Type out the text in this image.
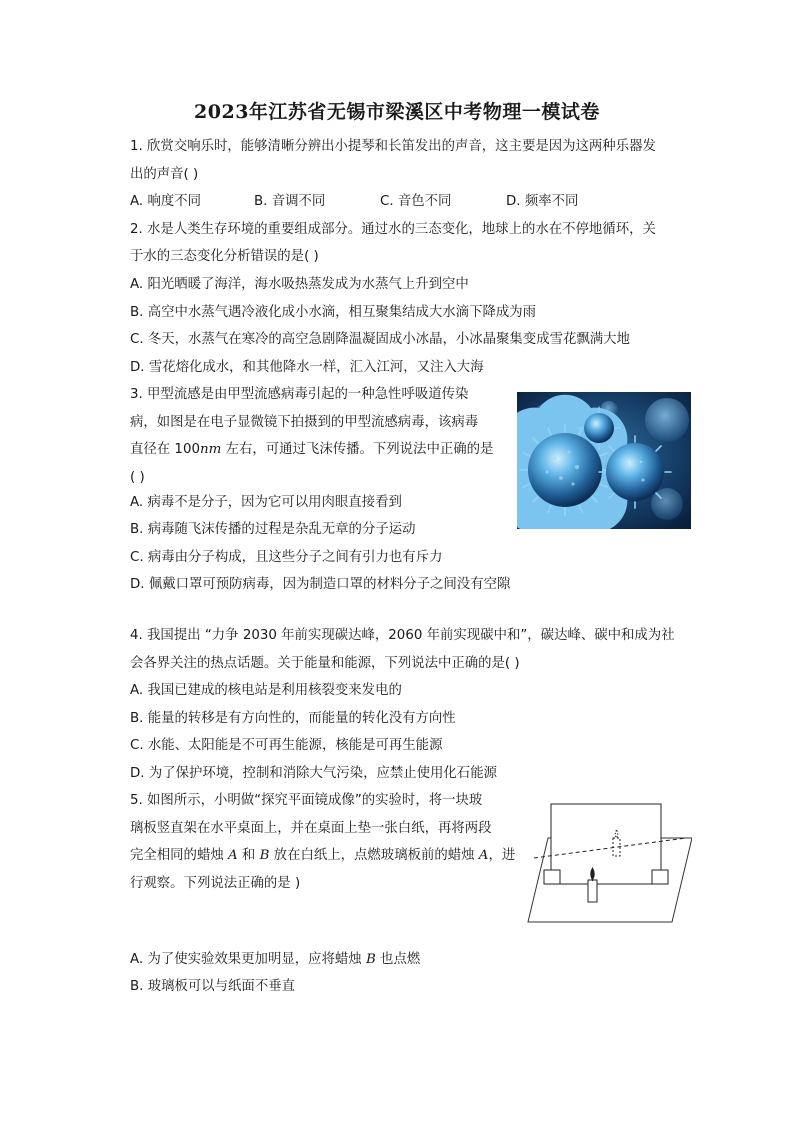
2023年江苏省无锡市梁溪区中考物理一模试卷
1. 欣赏交响乐时，能够清晰分辨出小提琴和长笛发出的声音，这主要是因为这两种乐器发
出的声音( )
A. 响度不同	B. 音调不同	C. 音色不同	D. 频率不同
2. 水是人类生存环境的重要组成部分。通过水的三态变化，地球上的水在不停地循环，关
于水的三态变化分析错误的是( )
A. 阳光晒暖了海洋，海水吸热蒸发成为水蒸气上升到空中
B. 高空中水蒸气遇冷液化成小水滴，相互聚集结成大水滴下降成为雨
C. 冬天，水蒸气在寒冷的高空急剧降温凝固成小冰晶，小冰晶聚集变成雪花飘满大地
D. 雪花熔化成水，和其他降水一样，汇入江河，又注入大海
3. 甲型流感是由甲型流感病毒引起的一种急性呼吸道传染
病，如图是在电子显微镜下拍摄到的甲型流感病毒，该病毒
直径在 100nm 左右，可通过飞沫传播。下列说法中正确的是
( )
A. 病毒不是分子，因为它可以用肉眼直接看到
B. 病毒随飞沫传播的过程是杂乱无章的分子运动
C. 病毒由分子构成，且这些分子之间有引力也有斥力
D. 佩戴口罩可预防病毒，因为制造口罩的材料分子之间没有空隙
4. 我国提出 “力争 2030 年前实现碳达峰，2060 年前实现碳中和”，碳达峰、碳中和成为社
会各界关注的热点话题。关于能量和能源，下列说法中正确的是( )
A. 我国已建成的核电站是利用核裂变来发电的
B. 能量的转移是有方向性的，而能量的转化没有方向性
C. 水能、太阳能是不可再生能源，核能是可再生能源
D. 为了保护环境，控制和消除大气污染，应禁止使用化石能源
5. 如图所示，小明做“探究平面镜成像”的实验时，将一块玻
璃板竖直架在水平桌面上，并在桌面上垫一张白纸，再将两段
完全相同的蜡烛 A 和 B 放在白纸上，点燃玻璃板前的蜡烛 A，进
行观察。下列说法正确的是 )
A. 为了使实验效果更加明显，应将蜡烛 B 也点燃
B. 玻璃板可以与纸面不垂直
